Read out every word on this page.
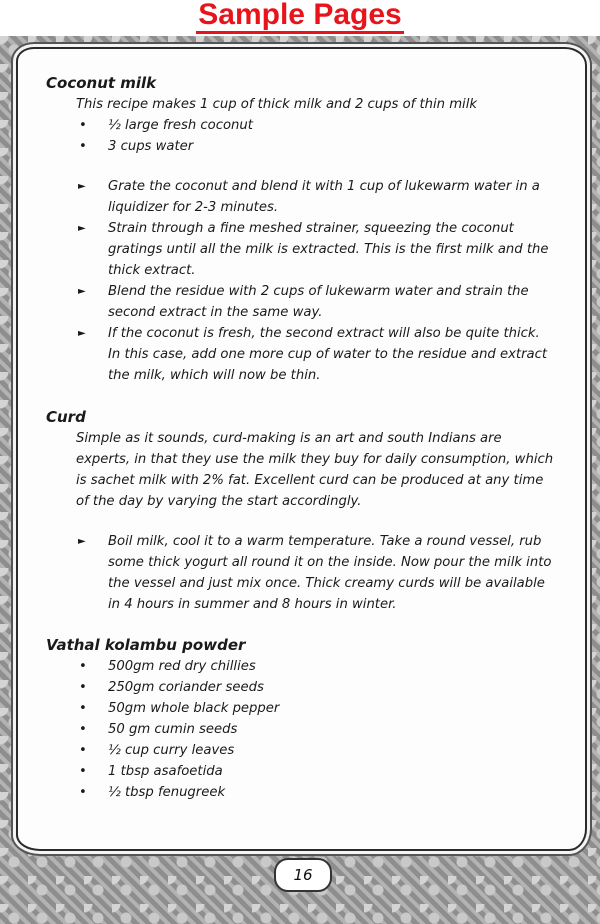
Sample Pages

Coconut milk

This recipe makes 1 cup of thick milk and 2 cups of thin milk

• ½ large fresh coconut
• 3 cups water
► Grate the coconut and blend it with 1 cup of lukewarm water in a liquidizer for 2-3 minutes.
► Strain through a fine meshed strainer, squeezing the coconut gratings until all the milk is extracted. This is the first milk and the thick extract.
► Blend the residue with 2 cups of lukewarm water and strain the second extract in the same way.
► If the coconut is fresh, the second extract will also be quite thick. In this case, add one more cup of water to the residue and extract the milk, which will now be thin.

Curd

Simple as it sounds, curd-making is an art and south Indians are experts, in that they use the milk they buy for daily consumption, which is sachet milk with 2% fat. Excellent curd can be produced at any time of the day by varying the start accordingly.

► Boil milk, cool it to a warm temperature. Take a round vessel, rub some thick yogurt all round it on the inside. Now pour the milk into the vessel and just mix once. Thick creamy curds will be available in 4 hours in summer and 8 hours in winter.

Vathal kolambu powder

• 500gm red dry chillies
• 250gm coriander seeds
• 50gm whole black pepper
• 50 gm cumin seeds
• ½ cup curry leaves
• 1 tbsp asafoetida
• ½ tbsp fenugreek
16
